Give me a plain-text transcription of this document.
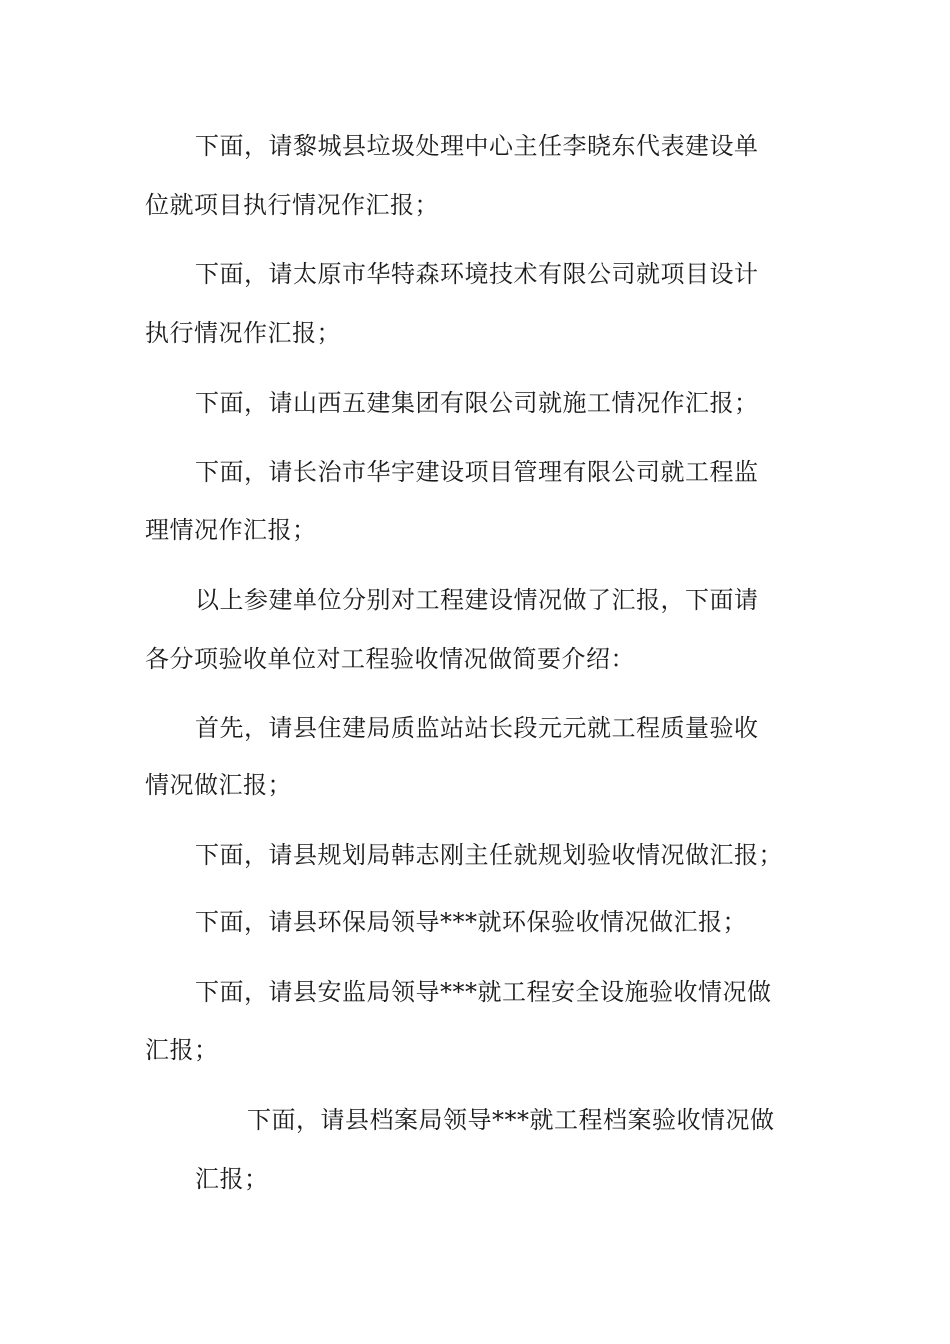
下面，请黎城县垃圾处理中心主任李晓东代表建设单
位就项目执行情况作汇报；
下面，请太原市华特森环境技术有限公司就项目设计
执行情况作汇报；
下面，请山西五建集团有限公司就施工情况作汇报；
下面，请长治市华宇建设项目管理有限公司就工程监
理情况作汇报；
以上参建单位分别对工程建设情况做了汇报，下面请
各分项验收单位对工程验收情况做简要介绍：
首先，请县住建局质监站站长段元元就工程质量验收
情况做汇报；
下面，请县规划局韩志刚主任就规划验收情况做汇报；
下面，请县环保局领导***就环保验收情况做汇报；
下面，请县安监局领导***就工程安全设施验收情况做
汇报；
下面，请县档案局领导***就工程档案验收情况做
汇报；
